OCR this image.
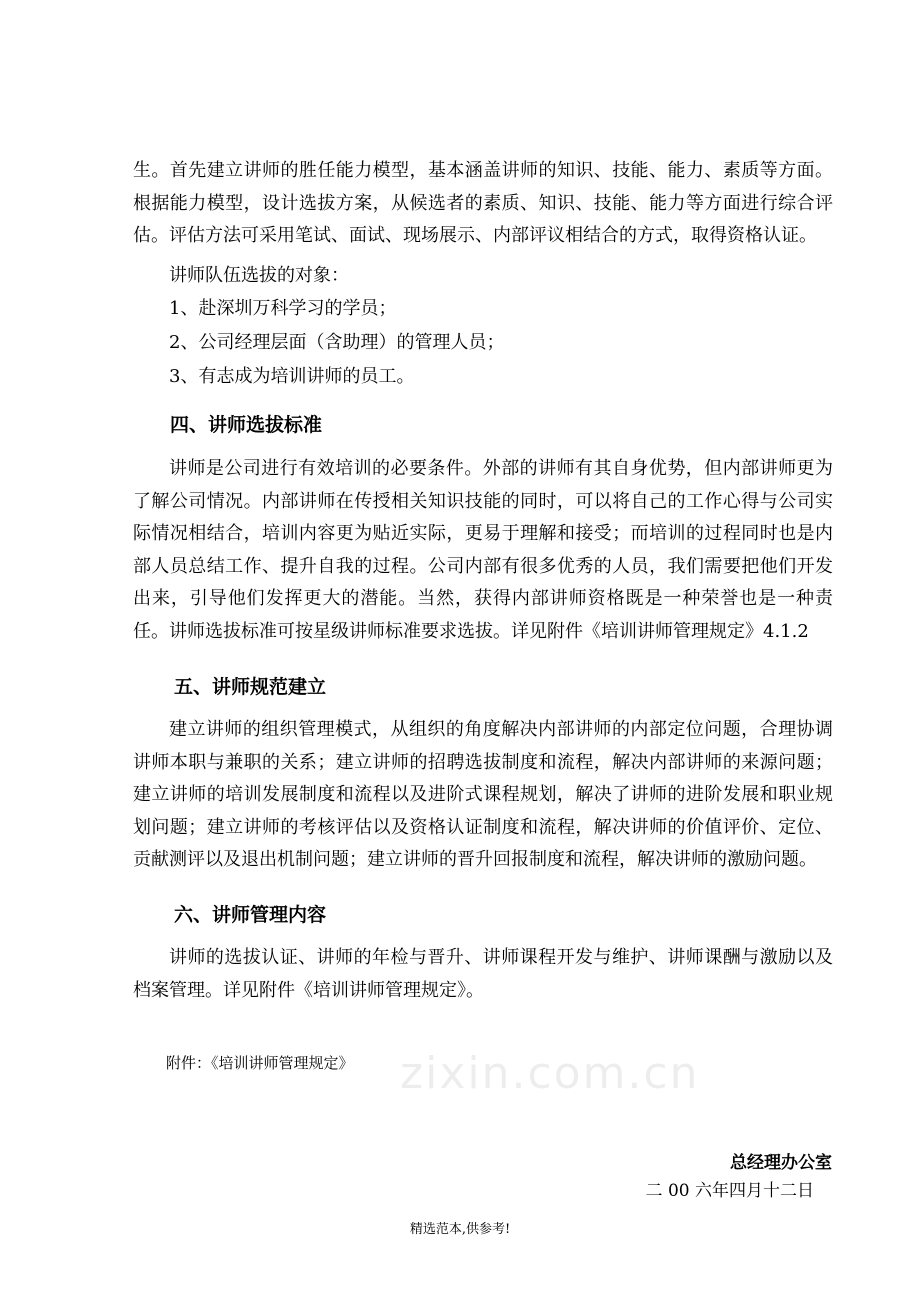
生。首先建立讲师的胜任能力模型，基本涵盖讲师的知识、技能、能力、素质等方面。根据能力模型，设计选拔方案，从候选者的素质、知识、技能、能力等方面进行综合评估。评估方法可采用笔试、面试、现场展示、内部评议相结合的方式，取得资格认证。

讲师队伍选拔的对象：

1、赴深圳万科学习的学员；

2、公司经理层面（含助理）的管理人员；

3、有志成为培训讲师的员工。

四、讲师选拔标准

讲师是公司进行有效培训的必要条件。外部的讲师有其自身优势，但内部讲师更为了解公司情况。内部讲师在传授相关知识技能的同时，可以将自己的工作心得与公司实际情况相结合，培训内容更为贴近实际，更易于理解和接受；而培训的过程同时也是内部人员总结工作、提升自我的过程。公司内部有很多优秀的人员，我们需要把他们开发出来，引导他们发挥更大的潜能。当然，获得内部讲师资格既是一种荣誉也是一种责任。讲师选拔标准可按星级讲师标准要求选拔。详见附件《培训讲师管理规定》4.1.2

五、讲师规范建立

建立讲师的组织管理模式，从组织的角度解决内部讲师的内部定位问题，合理协调讲师本职与兼职的关系；建立讲师的招聘选拔制度和流程，解决内部讲师的来源问题；建立讲师的培训发展制度和流程以及进阶式课程规划，解决了讲师的进阶发展和职业规划问题；建立讲师的考核评估以及资格认证制度和流程，解决讲师的价值评价、定位、贡献测评以及退出机制问题；建立讲师的晋升回报制度和流程，解决讲师的激励问题。

六、讲师管理内容

讲师的选拔认证、讲师的年检与晋升、讲师课程开发与维护、讲师课酬与激励以及档案管理。详见附件《培训讲师管理规定》。

附件：《培训讲师管理规定》 zixin.com.cn

总经理办公室

二 00 六年四月十二日

精选范本,供参考!
